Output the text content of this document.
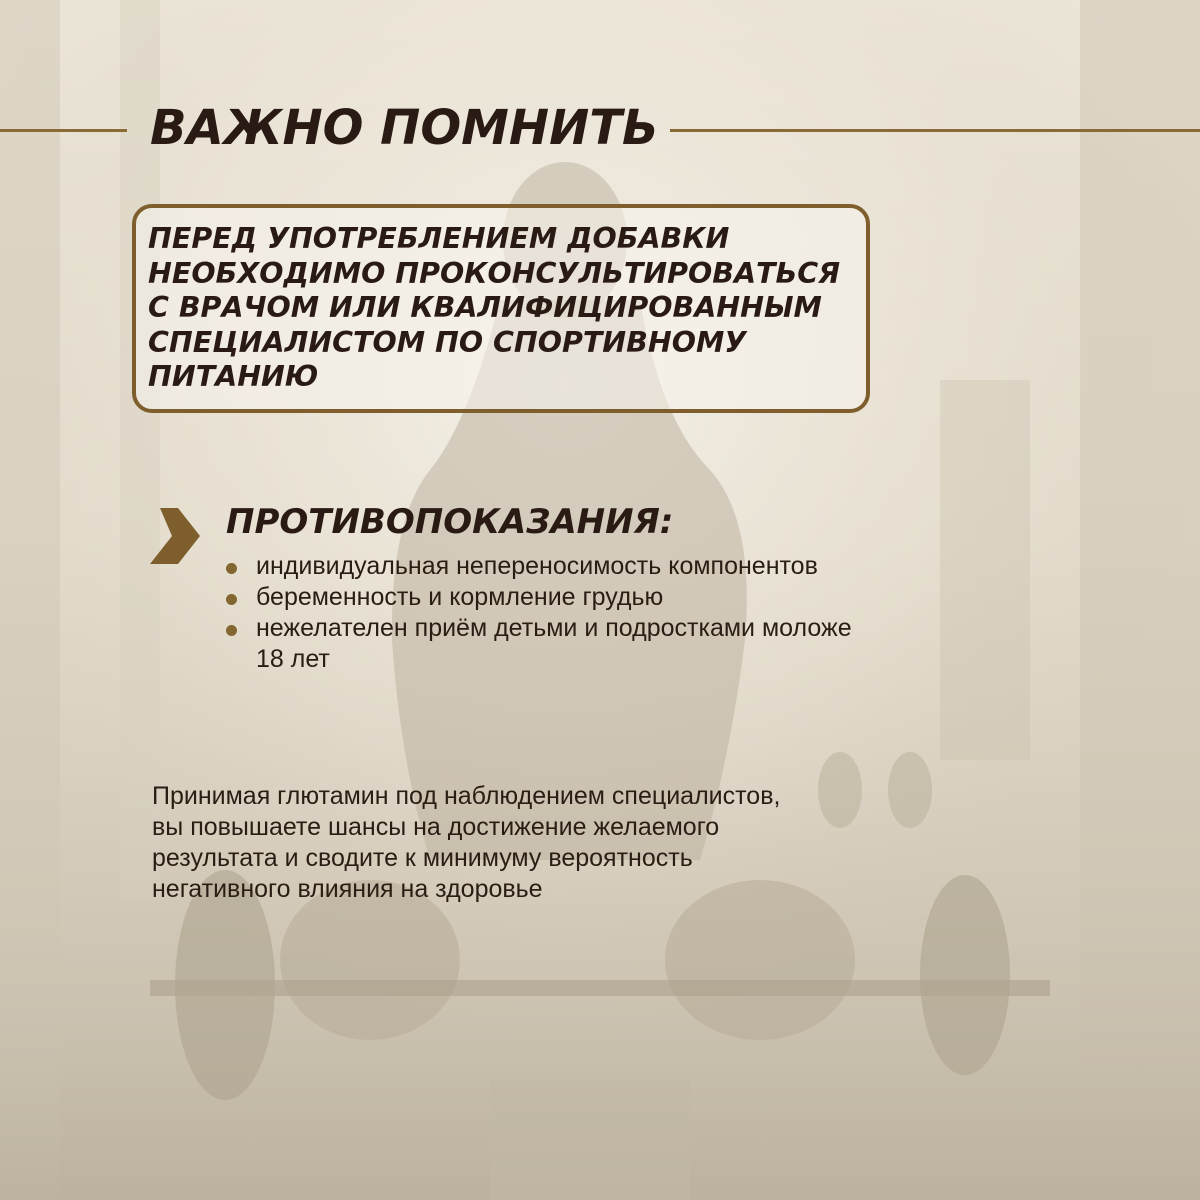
ВАЖНО ПОМНИТЬ
ПЕРЕД УПОТРЕБЛЕНИЕМ ДОБАВКИ
НЕОБХОДИМО ПРОКОНСУЛЬТИРОВАТЬСЯ
С ВРАЧОМ ИЛИ КВАЛИФИЦИРОВАННЫМ
СПЕЦИАЛИСТОМ ПО СПОРТИВНОМУ
ПИТАНИЮ
ПРОТИВОПОКАЗАНИЯ:
индивидуальная непереносимость компонентов
беременность и кормление грудью
нежелателен приём детьми и подростками моложе 18 лет
Принимая глютамин под наблюдением специалистов,
вы повышаете шансы на достижение желаемого
результата и сводите к минимуму вероятность
негативного влияния на здоровье
